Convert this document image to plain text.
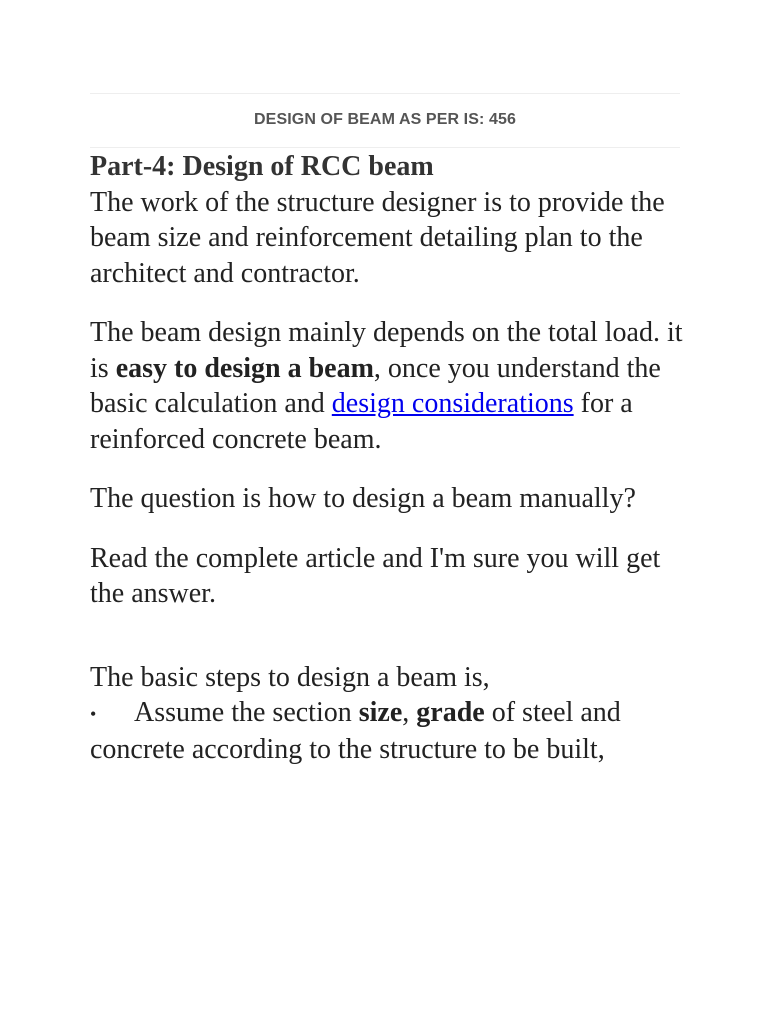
DESIGN OF BEAM AS PER IS: 456
Part-4: Design of RCC beam

The work of the structure designer is to provide the beam size and reinforcement detailing plan to the architect and contractor.

The beam design mainly depends on the total load. it is easy to design a beam, once you understand the basic calculation and design considerations for a reinforced concrete beam.

The question is how to design a beam manually?

Read the complete article and I'm sure you will get the answer.

The basic steps to design a beam is,
• Assume the section size, grade of steel and concrete according to the structure to be built,
